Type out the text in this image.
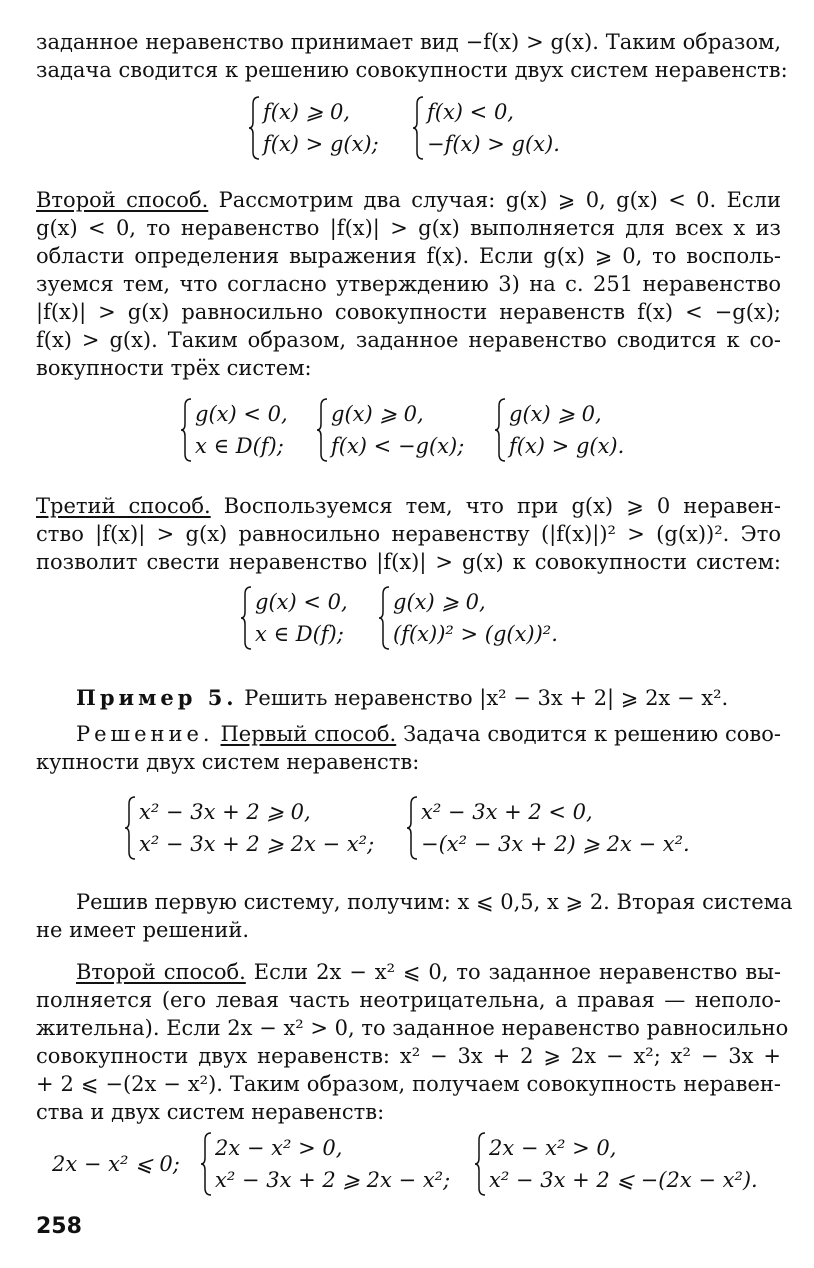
заданное неравенство принимает вид −f(x) > g(x). Таким образом,
задача сводится к решению совокупности двух систем неравенств:
f(x) ⩾ 0,
f(x) > g(x);
f(x) < 0,
−f(x) > g(x).
Второй способ. Рассмотрим два случая: g(x) ⩾ 0, g(x) < 0. Если
g(x) < 0, то неравенство |f(x)| > g(x) выполняется для всех x из
области определения выражения f(x). Если g(x) ⩾ 0, то восполь-
зуемся тем, что согласно утверждению 3) на с. 251 неравенство
|f(x)| > g(x) равносильно совокупности неравенств f(x) < −g(x);
f(x) > g(x). Таким образом, заданное неравенство сводится к со-
вокупности трёх систем:
g(x) < 0,
x ∈ D(f);
g(x) ⩾ 0,
f(x) < −g(x);
g(x) ⩾ 0,
f(x) > g(x).
Третий способ. Воспользуемся тем, что при g(x) ⩾ 0 неравен-
ство |f(x)| > g(x) равносильно неравенству (|f(x)|)² > (g(x))². Это
позволит свести неравенство |f(x)| > g(x) к совокупности систем:
g(x) < 0,
x ∈ D(f);
g(x) ⩾ 0,
(f(x))² > (g(x))².
Пример 5. Решить неравенство |x² − 3x + 2| ⩾ 2x − x².
Решение. Первый способ. Задача сводится к решению сово-
купности двух систем неравенств:
x² − 3x + 2 ⩾ 0,
x² − 3x + 2 ⩾ 2x − x²;
x² − 3x + 2 < 0,
−(x² − 3x + 2) ⩾ 2x − x².
Решив первую систему, получим: x ⩽ 0,5, x ⩾ 2. Вторая система
не имеет решений.
Второй способ. Если 2x − x² ⩽ 0, то заданное неравенство вы-
полняется (его левая часть неотрицательна, а правая — неполо-
жительна). Если 2x − x² > 0, то заданное неравенство равносильно
совокупности двух неравенств: x² − 3x + 2 ⩾ 2x − x²; x² − 3x +
+ 2 ⩽ −(2x − x²). Таким образом, получаем совокупность неравен-
ства и двух систем неравенств:
2x − x² ⩽ 0;
2x − x² > 0,
x² − 3x + 2 ⩾ 2x − x²;
2x − x² > 0,
x² − 3x + 2 ⩽ −(2x − x²).
258
